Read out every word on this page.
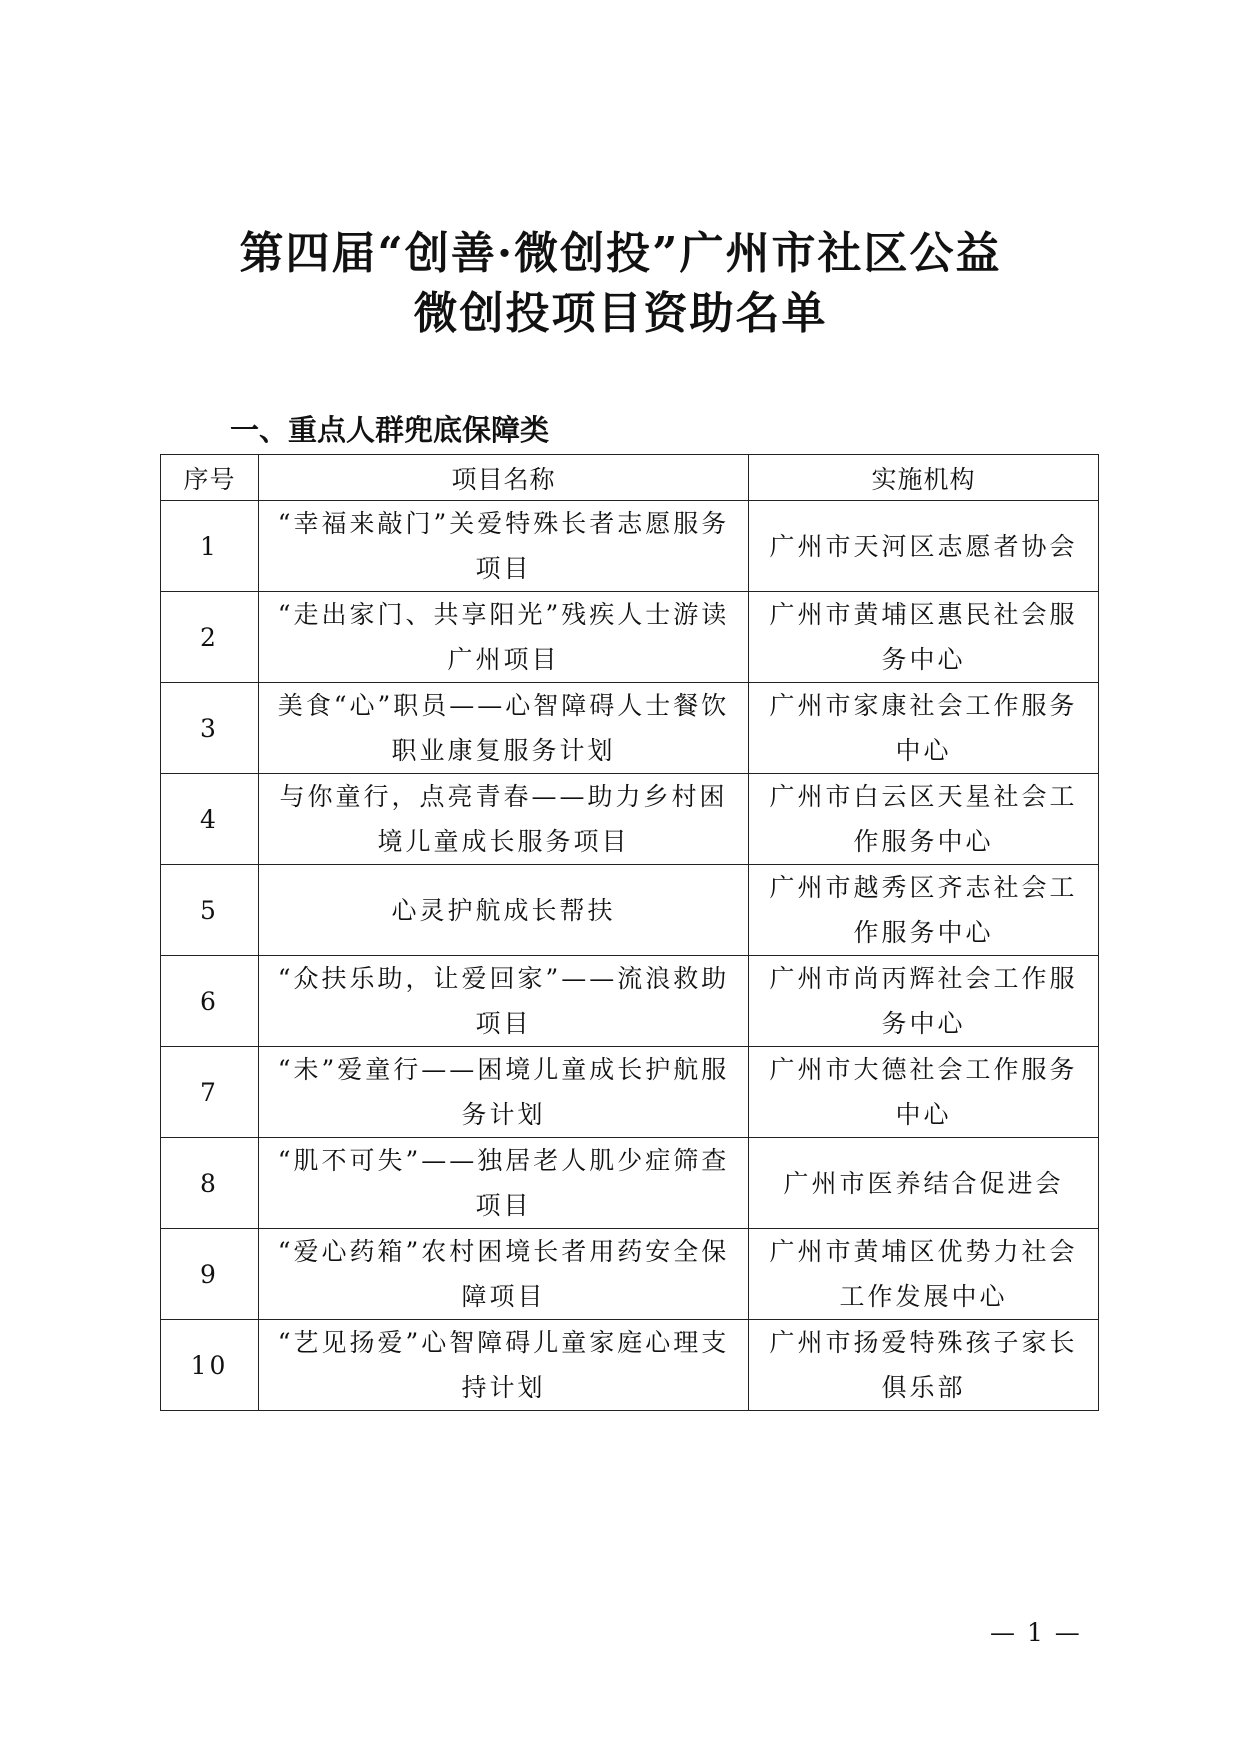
第四届“创善·微创投”广州市社区公益
微创投项目资助名单
一、重点人群兜底保障类
序号	项目名称	实施机构
1	“幸福来敲门”关爱特殊长者志愿服务项目	广州市天河区志愿者协会
2	“走出家门、共享阳光”残疾人士游读广州项目	广州市黄埔区惠民社会服务中心
3	美食“心”职员——心智障碍人士餐饮职业康复服务计划	广州市家康社会工作服务中心
4	与你童行，点亮青春——助力乡村困境儿童成长服务项目	广州市白云区天星社会工作服务中心
5	心灵护航成长帮扶	广州市越秀区齐志社会工作服务中心
6	“众扶乐助，让爱回家”——流浪救助项目	广州市尚丙辉社会工作服务中心
7	“未”爱童行——困境儿童成长护航服务计划	广州市大德社会工作服务中心
8	“肌不可失”——独居老人肌少症筛查项目	广州市医养结合促进会
9	“爱心药箱”农村困境长者用药安全保障项目	广州市黄埔区优势力社会工作发展中心
10	“艺见扬爱”心智障碍儿童家庭心理支持计划	广州市扬爱特殊孩子家长俱乐部
— 1 —
